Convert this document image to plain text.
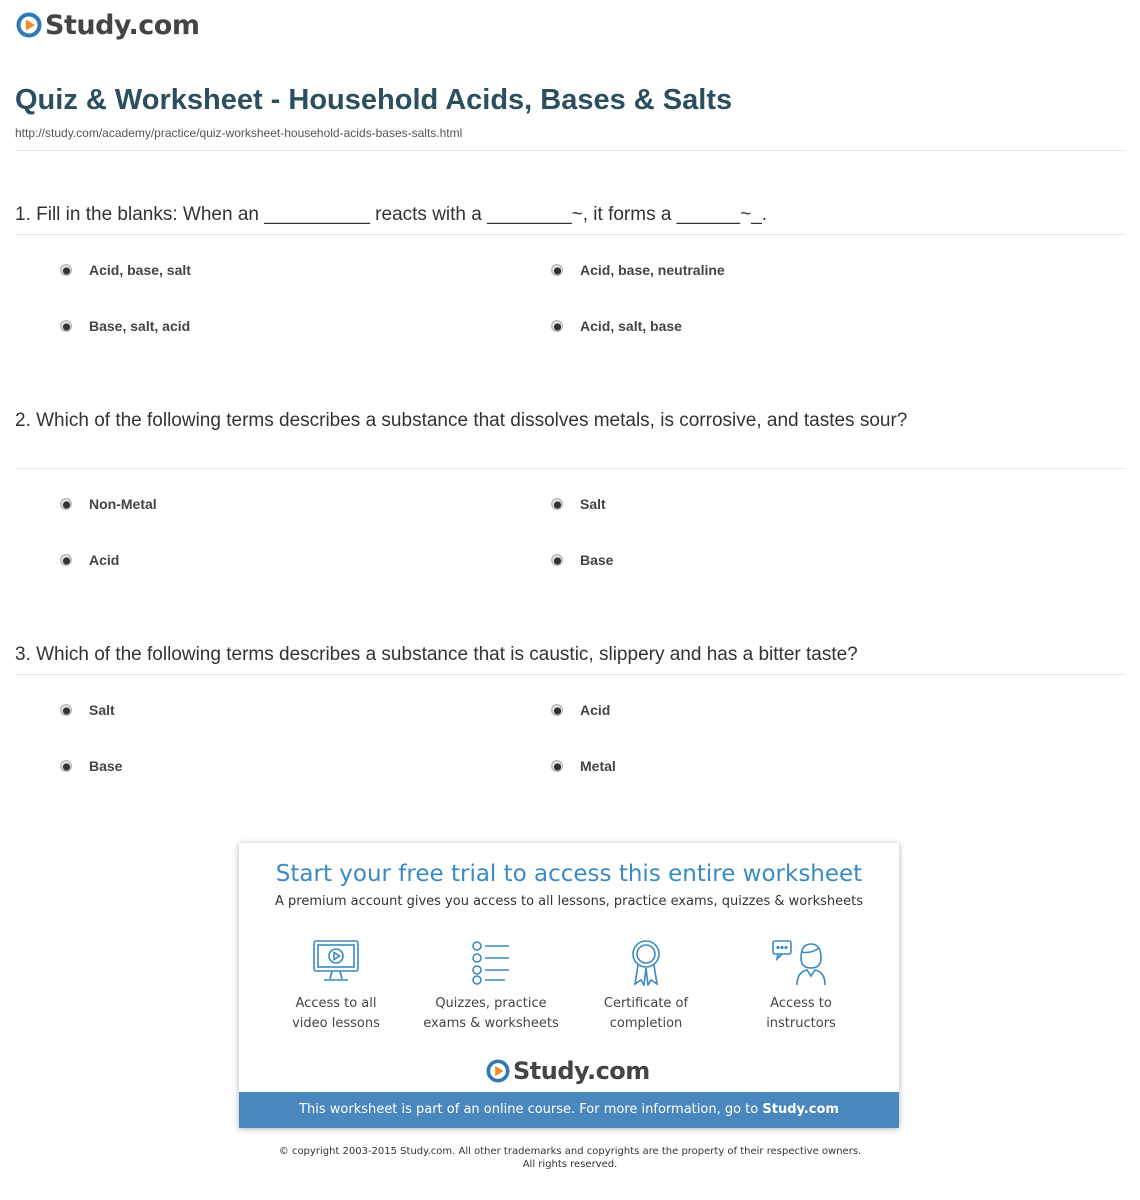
Study.com
Quiz & Worksheet - Household Acids, Bases & Salts
http://study.com/academy/practice/quiz-worksheet-household-acids-bases-salts.html
1. Fill in the blanks: When an __________ reacts with a ________~, it forms a ______~_.
Acid, base, salt	Acid, base, neutraline
Base, salt, acid	Acid, salt, base
2. Which of the following terms describes a substance that dissolves metals, is corrosive, and tastes sour?
Non-Metal	Salt
Acid	Base
3. Which of the following terms describes a substance that is caustic, slippery and has a bitter taste?
Salt	Acid
Base	Metal
Start your free trial to access this entire worksheet
A premium account gives you access to all lessons, practice exams, quizzes & worksheets
Access to all
video lessons
Quizzes, practice
exams & worksheets
Certificate of
completion
Access to
instructors
Study.com
This worksheet is part of an online course. For more information, go to Study.com
© copyright 2003-2015 Study.com. All other trademarks and copyrights are the property of their respective owners.
All rights reserved.
